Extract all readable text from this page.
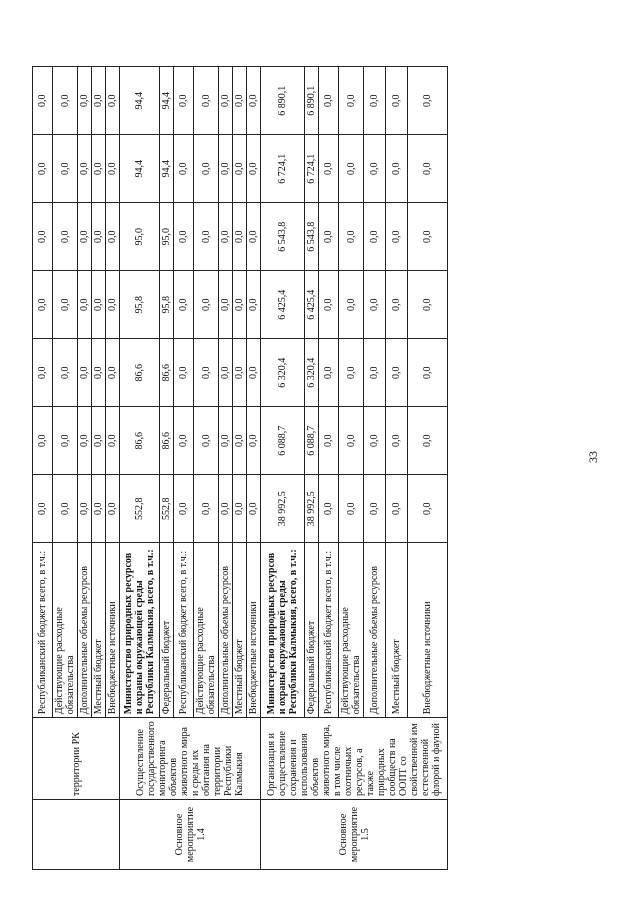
	территории РК	Республиканский бюджет всего, в т.ч.:	0,0	0,0	0,0	0,0	0,0	0,0	0,0
		Действующие расходные обязательства	0,0	0,0	0,0	0,0	0,0	0,0	0,0
		Дополнительные объемы ресурсов	0,0	0,0	0,0	0,0	0,0	0,0	0,0
		Местный бюджет	0,0	0,0	0,0	0,0	0,0	0,0	0,0
		Внебюджетные источники	0,0	0,0	0,0	0,0	0,0	0,0	0,0
Основное мероприятие 1.4	Осуществление государственного мониторинга объектов животного мира и среды их обитания на территории Республики Калмыкия	Министерство природных ресурсов и охраны окружающей среды Республики Калмыкия, всего, в т.ч.:	552,8	86,6	86,6	95,8	95,0	94,4	94,4
		Федеральный бюджет	552,8	86,6	86,6	95,8	95,0	94,4	94,4
		Республиканский бюджет всего, в т.ч.:	0,0	0,0	0,0	0,0	0,0	0,0	0,0
		Действующие расходные обязательства	0,0	0,0	0,0	0,0	0,0	0,0	0,0
		Дополнительные объемы ресурсов	0,0	0,0	0,0	0,0	0,0	0,0	0,0
		Местный бюджет	0,0	0,0	0,0	0,0	0,0	0,0	0,0
		Внебюджетные источники	0,0	0,0	0,0	0,0	0,0	0,0	0,0
Основное мероприятие 1.5	Организация и осуществление сохранения и использования объектов животного мира, в том числе охотничьих ресурсов, а также природных сообществ на ООПТ со свойственной им естественной флорой и фауной	Министерство природных ресурсов и охраны окружающей среды Республики Калмыкия, всего, в т.ч.:	38 992,5	6 088,7	6 320,4	6 425,4	6 543,8	6 724,1	6 890,1
		Федеральный бюджет	38 992,5	6 088,7	6 320,4	6 425,4	6 543,8	6 724,1	6 890,1
		Республиканский бюджет всего, в т.ч.:	0,0	0,0	0,0	0,0	0,0	0,0	0,0
		Действующие расходные обязательства	0,0	0,0	0,0	0,0	0,0	0,0	0,0
		Дополнительные объемы ресурсов	0,0	0,0	0,0	0,0	0,0	0,0	0,0
		Местный бюджет	0,0	0,0	0,0	0,0	0,0	0,0	0,0
		Внебюджетные источники	0,0	0,0	0,0	0,0	0,0	0,0	0,0
33
